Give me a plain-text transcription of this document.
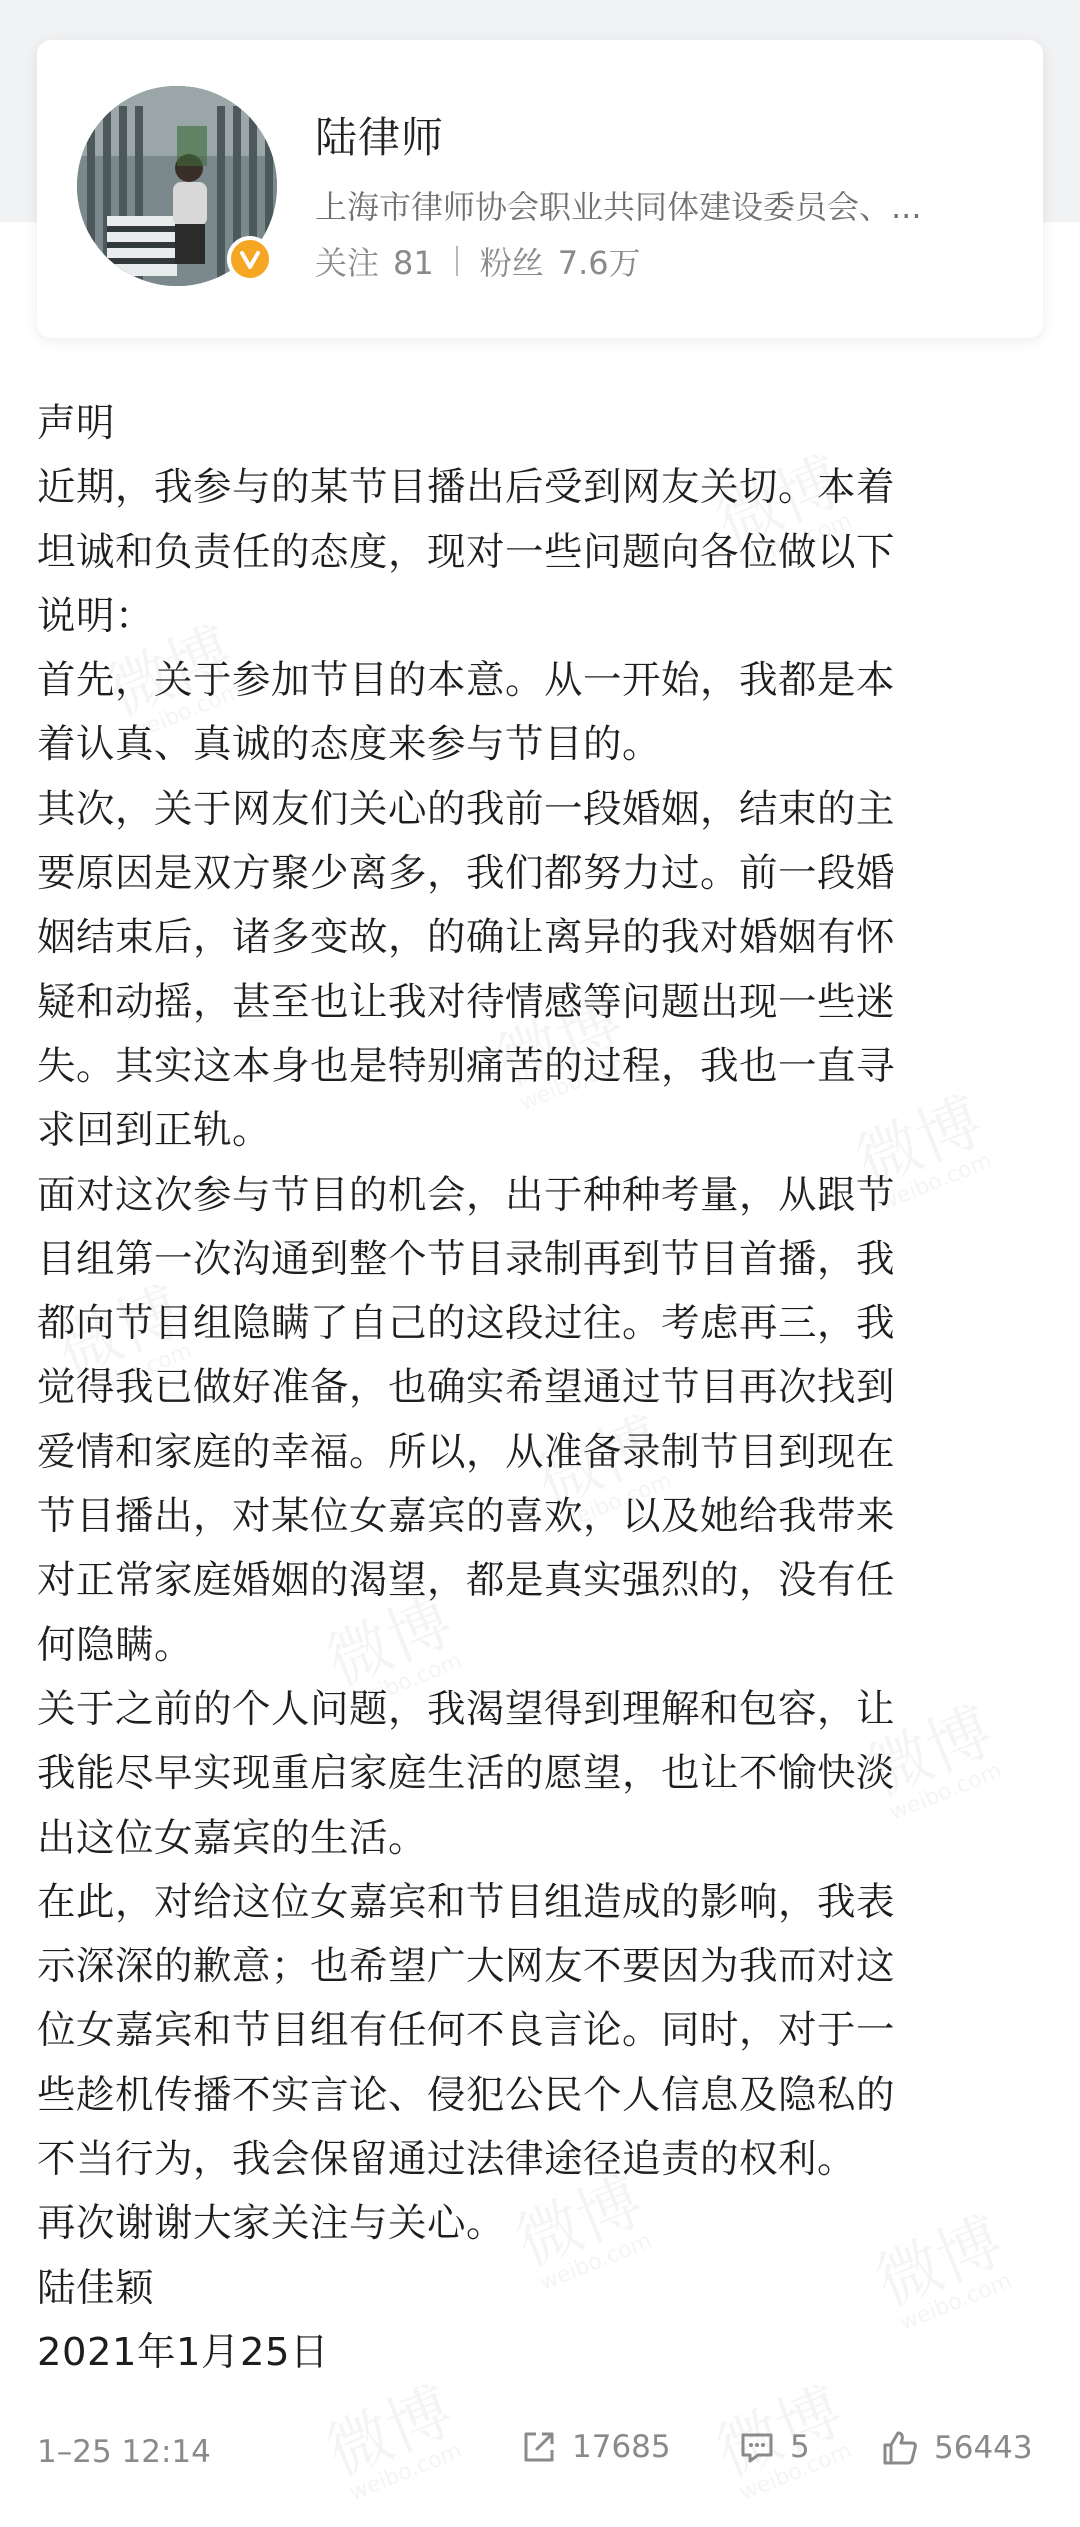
陆律师
上海市律师协会职业共同体建设委员会、...
关注 81 粉丝 7.6万

声明

近期，我参与的某节目播出后受到网友关切。本着

坦诚和负责任的态度，现对一些问题向各位做以下

说明：

首先，关于参加节目的本意。从一开始，我都是本

着认真、真诚的态度来参与节目的。

其次，关于网友们关心的我前一段婚姻，结束的主

要原因是双方聚少离多，我们都努力过。前一段婚

姻结束后，诸多变故，的确让离异的我对婚姻有怀

疑和动摇，甚至也让我对待情感等问题出现一些迷

失。其实这本身也是特别痛苦的过程，我也一直寻

求回到正轨。

面对这次参与节目的机会，出于种种考量，从跟节

目组第一次沟通到整个节目录制再到节目首播，我

都向节目组隐瞒了自己的这段过往。考虑再三，我

觉得我已做好准备，也确实希望通过节目再次找到

爱情和家庭的幸福。所以，从准备录制节目到现在

节目播出，对某位女嘉宾的喜欢，以及她给我带来

对正常家庭婚姻的渴望，都是真实强烈的，没有任

何隐瞒。

关于之前的个人问题，我渴望得到理解和包容，让

我能尽早实现重启家庭生活的愿望，也让不愉快淡

出这位女嘉宾的生活。

在此，对给这位女嘉宾和节目组造成的影响，我表

示深深的歉意；也希望广大网友不要因为我而对这

位女嘉宾和节目组有任何不良言论。同时，对于一

些趁机传播不实言论、侵犯公民个人信息及隐私的

不当行为，我会保留通过法律途径追责的权利。

再次谢谢大家关注与关心。

陆佳颖

2021年1月25日

1–25 12:14	17685	5	56443
